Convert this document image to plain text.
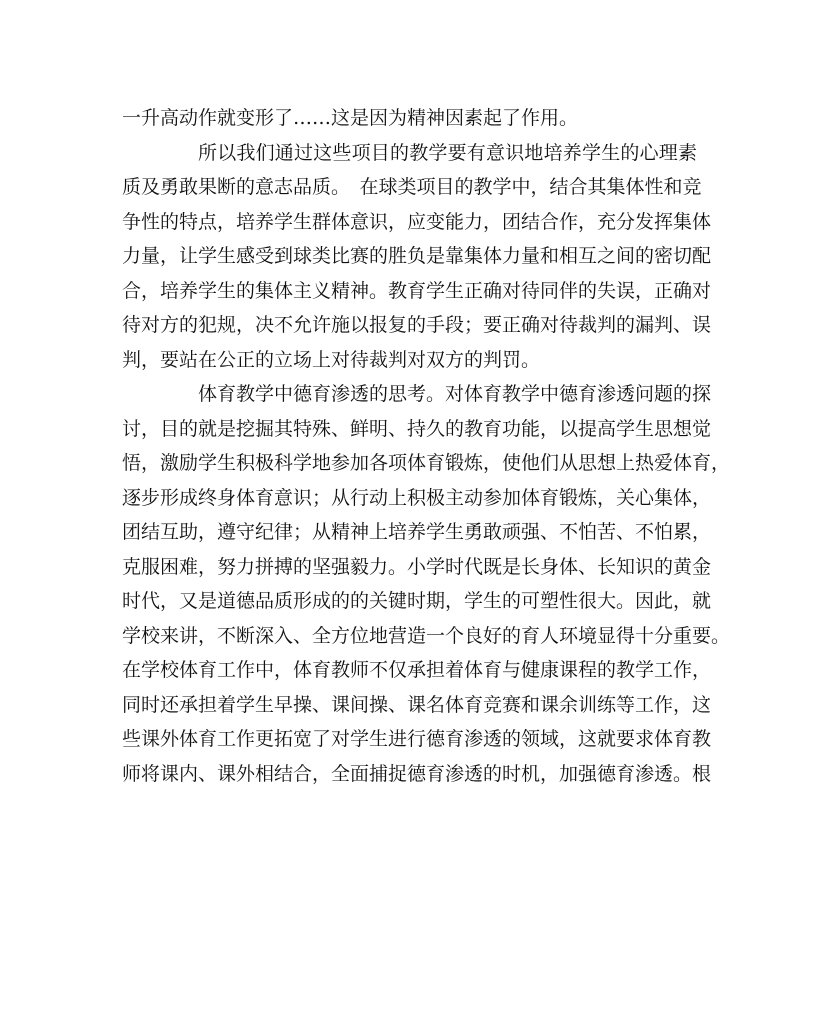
一升高动作就变形了……这是因为精神因素起了作用。
所以我们通过这些项目的教学要有意识地培养学生的心理素
质及勇敢果断的意志品质。　在球类项目的教学中，结合其集体性和竞
争性的特点，培养学生群体意识，应变能力，团结合作，充分发挥集体
力量，让学生感受到球类比赛的胜负是靠集体力量和相互之间的密切配
合，培养学生的集体主义精神。教育学生正确对待同伴的失误，正确对
待对方的犯规，决不允许施以报复的手段；要正确对待裁判的漏判、误
判，要站在公正的立场上对待裁判对双方的判罚。
体育教学中德育渗透的思考。对体育教学中德育渗透问题的探
讨，目的就是挖掘其特殊、鲜明、持久的教育功能，以提高学生思想觉
悟，激励学生积极科学地参加各项体育锻炼，使他们从思想上热爱体育，
逐步形成终身体育意识；从行动上积极主动参加体育锻炼，关心集体，
团结互助，遵守纪律；从精神上培养学生勇敢顽强、不怕苦、不怕累，
克服困难，努力拼搏的坚强毅力。小学时代既是长身体、长知识的黄金
时代，又是道德品质形成的的关键时期，学生的可塑性很大。因此，就
学校来讲，不断深入、全方位地营造一个良好的育人环境显得十分重要。
在学校体育工作中，体育教师不仅承担着体育与健康课程的教学工作，
同时还承担着学生早操、课间操、课名体育竞赛和课余训练等工作，这
些课外体育工作更拓宽了对学生进行德育渗透的领域，这就要求体育教
师将课内、课外相结合，全面捕捉德育渗透的时机，加强德育渗透。根
